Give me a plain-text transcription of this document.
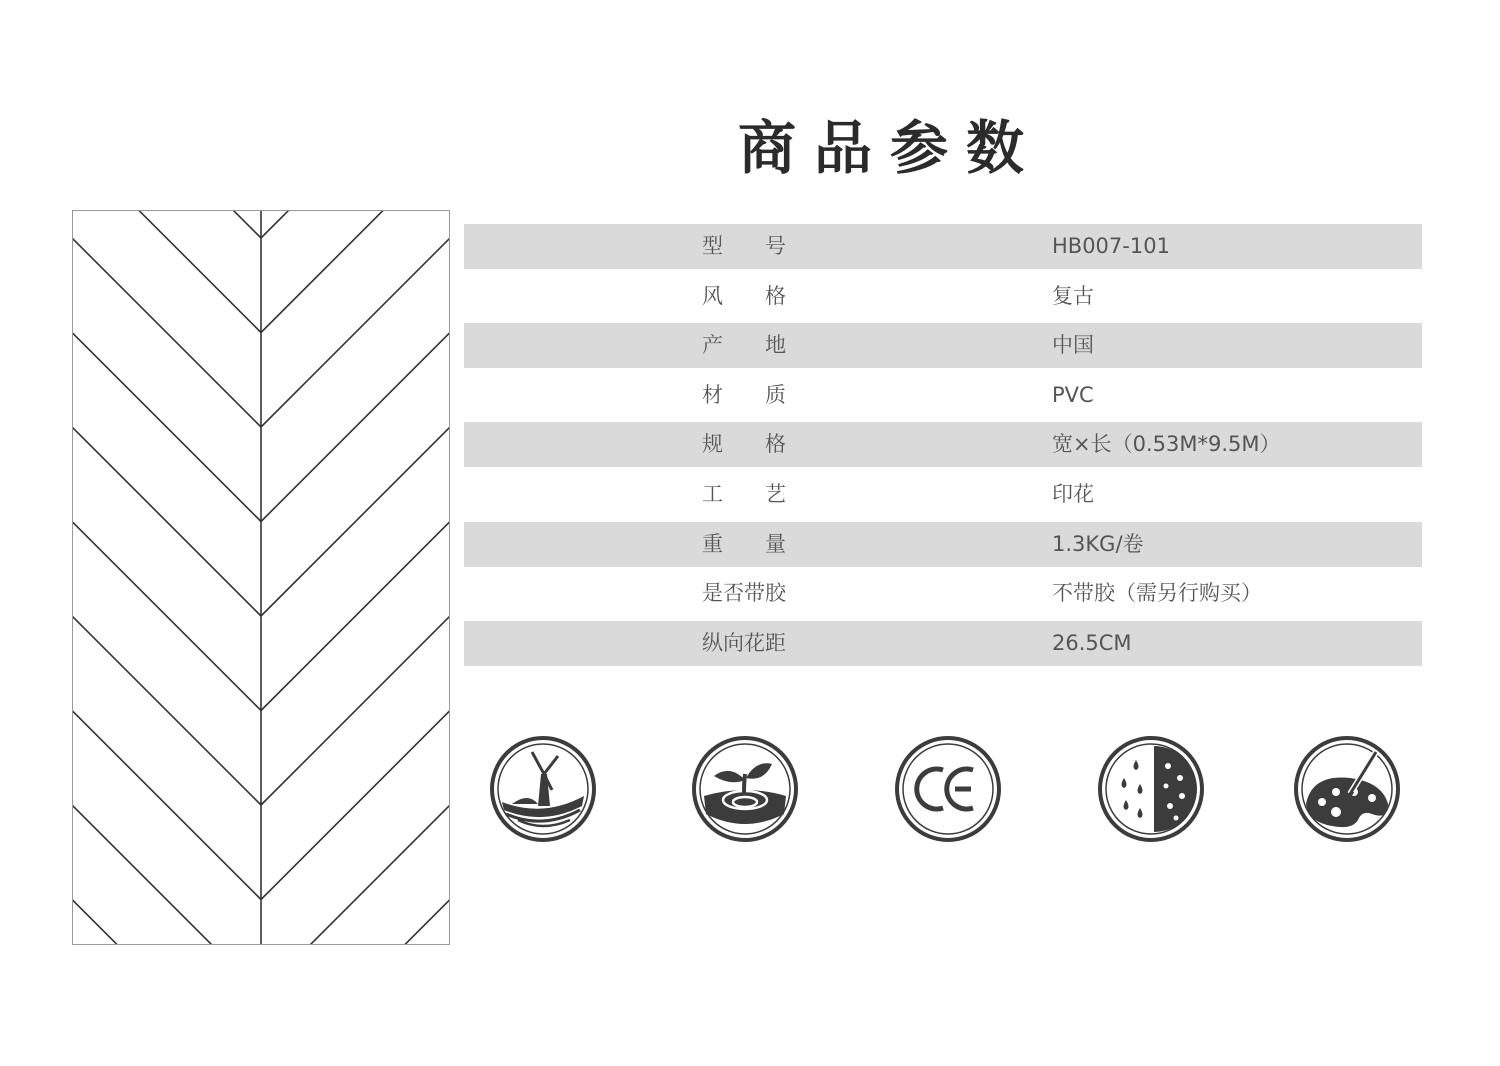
商品参数
型　　号	HB007-101
风　　格	复古
产　　地	中国
材　　质	PVC
规　　格	宽×长（0.53M*9.5M）
工　　艺	印花
重　　量	1.3KG/卷
是否带胶	不带胶（需另行购买）
纵向花距	26.5CM
